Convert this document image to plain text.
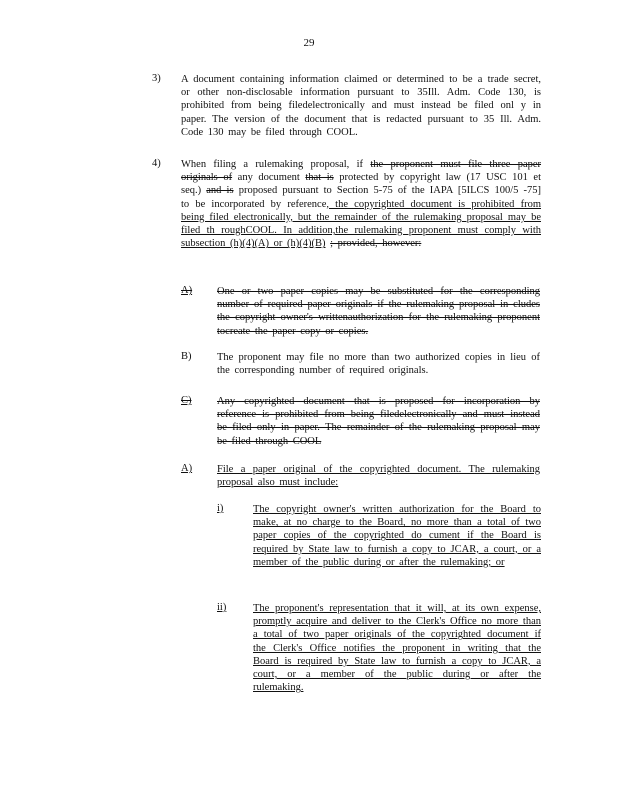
29
3) A document containing information claimed or determined to be a trade secret, or other non-disclosable information pursuant to 35Ill. Adm. Code 130, is prohibited from being filedelectronically and must instead be filed onl y in paper. The version of the document that is redacted pursuant to 35 Ill. Adm. Code 130 may be filed through COOL.
4) When filing a rulemaking proposal, if the proponent must file three paper originals of any document that is protected by copyright law (17 USC 101 et seq.) and is proposed pursuant to Section 5-75 of the IAPA [5ILCS 100/5 -75] to be incorporated by reference, the copyrighted document is prohibited from being filed electronically, but the remainder of the rulemaking proposal may be filed th roughCOOL. In addition,the rulemaking proponent must comply with subsection (h)(4)(A) or (h)(4)(B) ; provided, however:
A) One or two paper copies may be substituted for the corresponding number of required paper originals if the rulemaking proposal in cludes the copyright owner's writtenauthorization for the rulemaking proponent tocreate the paper copy or copies.
B) The proponent may file no more than two authorized copies in lieu of the corresponding number of required originals.
C) Any copyrighted document that is proposed for incorporation by reference is prohibited from being filedelectronically and must instead be filed only in paper. The remainder of the rulemaking proposal may be filed through COOL
A) File a paper original of the copyrighted document. The rulemaking proposal also must include:
i)	The copyright owner's written authorization for the Board to make, at no charge to the Board, no more than a total of two paper copies of the copyrighted do cument if the Board is required by State law to furnish a copy to JCAR, a court, or a member of the public during or after the rulemaking; or
ii)	The proponent's representation that it will, at its own expense, promptly acquire and deliver to the Clerk's Office no more than a total of two paper originals of the copyrighted document if the Clerk's Office notifies the proponent in writing that the Board is required by State law to furnish a copy to JCAR, a court, or a member of the public during or after the rulemaking.
